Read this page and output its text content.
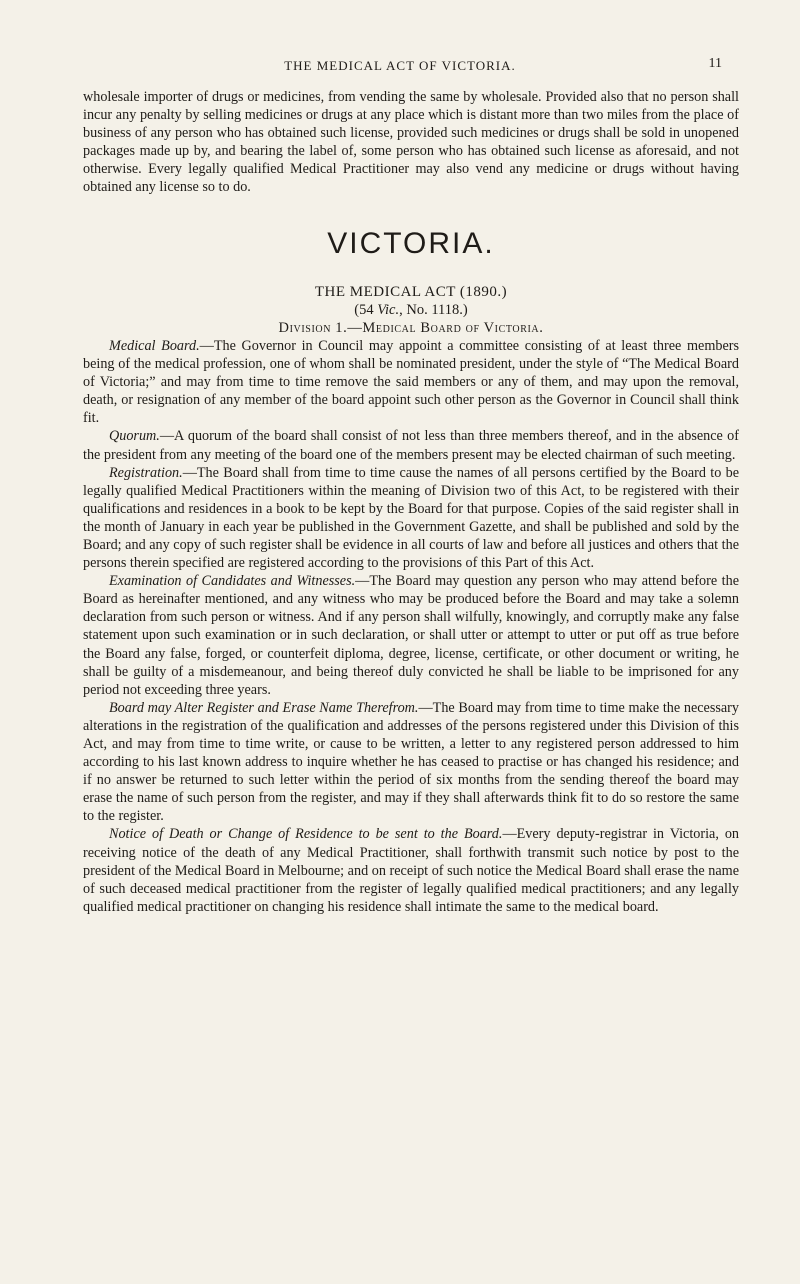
THE MEDICAL ACT OF VICTORIA.	11

wholesale importer of drugs or medicines, from vending the same by wholesale. Provided also that no person shall incur any penalty by selling medicines or drugs at any place which is distant more than two miles from the place of business of any person who has obtained such license, provided such medicines or drugs shall be sold in unopened packages made up by, and bearing the label of, some person who has obtained such license as aforesaid, and not otherwise. Every legally qualified Medical Practitioner may also vend any medicine or drugs without having obtained any license so to do.

VICTORIA.

THE MEDICAL ACT (1890.)

(54 Vic., No. 1118.)

Division 1.—Medical Board of Victoria.

Medical Board.—The Governor in Council may appoint a committee consisting of at least three members being of the medical profession, one of whom shall be nominated president, under the style of “The Medical Board of Victoria;” and may from time to time remove the said members or any of them, and may upon the removal, death, or resignation of any member of the board appoint such other person as the Governor in Council shall think fit.

Quorum.—A quorum of the board shall consist of not less than three members thereof, and in the absence of the president from any meeting of the board one of the members present may be elected chairman of such meeting.

Registration.—The Board shall from time to time cause the names of all persons certified by the Board to be legally qualified Medical Practitioners within the meaning of Division two of this Act, to be registered with their qualifications and residences in a book to be kept by the Board for that purpose. Copies of the said register shall in the month of January in each year be published in the Government Gazette, and shall be published and sold by the Board; and any copy of such register shall be evidence in all courts of law and before all justices and others that the persons therein specified are registered according to the provisions of this Part of this Act.

Examination of Candidates and Witnesses.—The Board may question any person who may attend before the Board as hereinafter mentioned, and any witness who may be produced before the Board and may take a solemn declaration from such person or witness. And if any person shall wilfully, knowingly, and corruptly make any false statement upon such examination or in such declaration, or shall utter or attempt to utter or put off as true before the Board any false, forged, or counterfeit diploma, degree, license, certificate, or other document or writing, he shall be guilty of a misdemeanour, and being thereof duly convicted he shall be liable to be imprisoned for any period not exceeding three years.

Board may Alter Register and Erase Name Therefrom.—The Board may from time to time make the necessary alterations in the registration of the qualification and addresses of the persons registered under this Division of this Act, and may from time to time write, or cause to be written, a letter to any registered person addressed to him according to his last known address to inquire whether he has ceased to practise or has changed his residence; and if no answer be returned to such letter within the period of six months from the sending thereof the board may erase the name of such person from the register, and may if they shall afterwards think fit to do so restore the same to the register.

Notice of Death or Change of Residence to be sent to the Board.—Every deputy-registrar in Victoria, on receiving notice of the death of any Medical Practitioner, shall forthwith transmit such notice by post to the president of the Medical Board in Melbourne; and on receipt of such notice the Medical Board shall erase the name of such deceased medical practitioner from the register of legally qualified medical practitioners; and any legally qualified medical practitioner on changing his residence shall intimate the same to the medical board.
